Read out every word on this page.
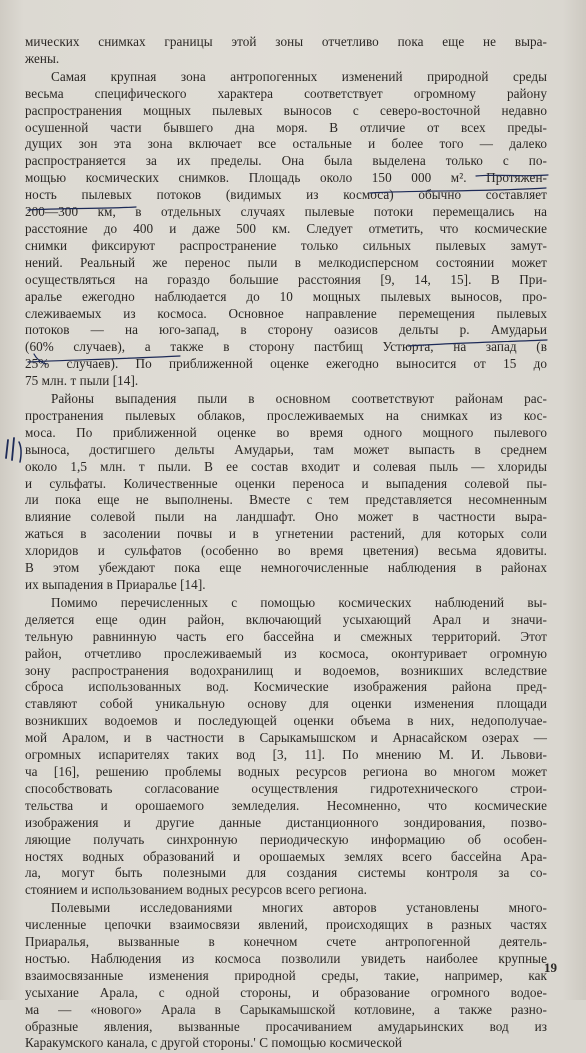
мических снимках границы этой зоны отчетливо пока еще не выра-
жены.
Самая крупная зона антропогенных изменений природной среды
весьма специфического характера соответствует огромному району
распространения мощных пылевых выносов с северо-восточной недавно
осушенной части бывшего дна моря. В отличие от всех преды-
дущих зон эта зона включает все остальные и более того — далеко
распространяется за их пределы. Она была выделена только с по-
мощью космических снимков. Площадь около 150 000 м². Протяжен-
ность пылевых потоков (видимых из космоса) обычно составляет
200—300 км, в отдельных случаях пылевые потоки перемещались на
расстояние до 400 и даже 500 км. Следует отметить, что космические
снимки фиксируют распространение только сильных пылевых замут-
нений. Реальный же перенос пыли в мелкодисперсном состоянии может
осуществляться на гораздо большие расстояния [9, 14, 15]. В При-
аралье ежегодно наблюдается до 10 мощных пылевых выносов, про-
слеживаемых из космоса. Основное направление перемещения пылевых
потоков — на юго-запад, в сторону оазисов дельты р. Амударьи
(60% случаев), а также в сторону пастбищ Устюрта, на запад (в
25% случаев). По приближенной оценке ежегодно выносится от 15 до
75 млн. т пыли [14].
Районы выпадения пыли в основном соответствуют районам рас-
пространения пылевых облаков, прослеживаемых на снимках из кос-
моса. По приближенной оценке во время одного мощного пылевого
выноса, достигшего дельты Амударьи, там может выпасть в среднем
около 1,5 млн. т пыли. В ее состав входит и солевая пыль — хлориды
и сульфаты. Количественные оценки переноса и выпадения солевой пы-
ли пока еще не выполнены. Вместе с тем представляется несомненным
влияние солевой пыли на ландшафт. Оно может в частности выра-
жаться в засолении почвы и в угнетении растений, для которых соли
хлоридов и сульфатов (особенно во время цветения) весьма ядовиты.
В этом убеждают пока еще немногочисленные наблюдения в районах
их выпадения в Приаралье [14].
Помимо перечисленных с помощью космических наблюдений вы-
деляется еще один район, включающий усыхающий Арал и значи-
тельную равнинную часть его бассейна и смежных территорий. Этот
район, отчетливо прослеживаемый из космоса, оконтуривает огромную
зону распространения водохранилищ и водоемов, возникших вследствие
сброса использованных вод. Космические изображения района пред-
ставляют собой уникальную основу для оценки изменения площади
возникших водоемов и последующей оценки объема в них, недополучае-
мой Аралом, и в частности в Сарыкамышском и Арнасайском озерах —
огромных испарителях таких вод [3, 11]. По мнению М. И. Львови-
ча [16], решению проблемы водных ресурсов региона во многом может
способствовать согласование осуществления гидротехнического строи-
тельства и орошаемого земледелия. Несомненно, что космические
изображения и другие данные дистанционного зондирования, позво-
ляющие получать синхронную периодическую информацию об особен-
ностях водных образований и орошаемых землях всего бассейна Ара-
ла, могут быть полезными для создания системы контроля за со-
стоянием и использованием водных ресурсов всего региона.
Полевыми исследованиями многих авторов установлены много-
численные цепочки взаимосвязи явлений, происходящих в разных частях
Приаралья, вызванные в конечном счете антропогенной деятель-
ностью. Наблюдения из космоса позволили увидеть наиболее крупные
взаимосвязанные изменения природной среды, такие, например, как
усыхание Арала, с одной стороны, и образование огромного водое-
ма — «нового» Арала в Сарыкамышской котловине, а также разно-
образные явления, вызванные просачиванием амударьинских вод из
Каракумского канала, с другой стороны.' С помощью космической
19
